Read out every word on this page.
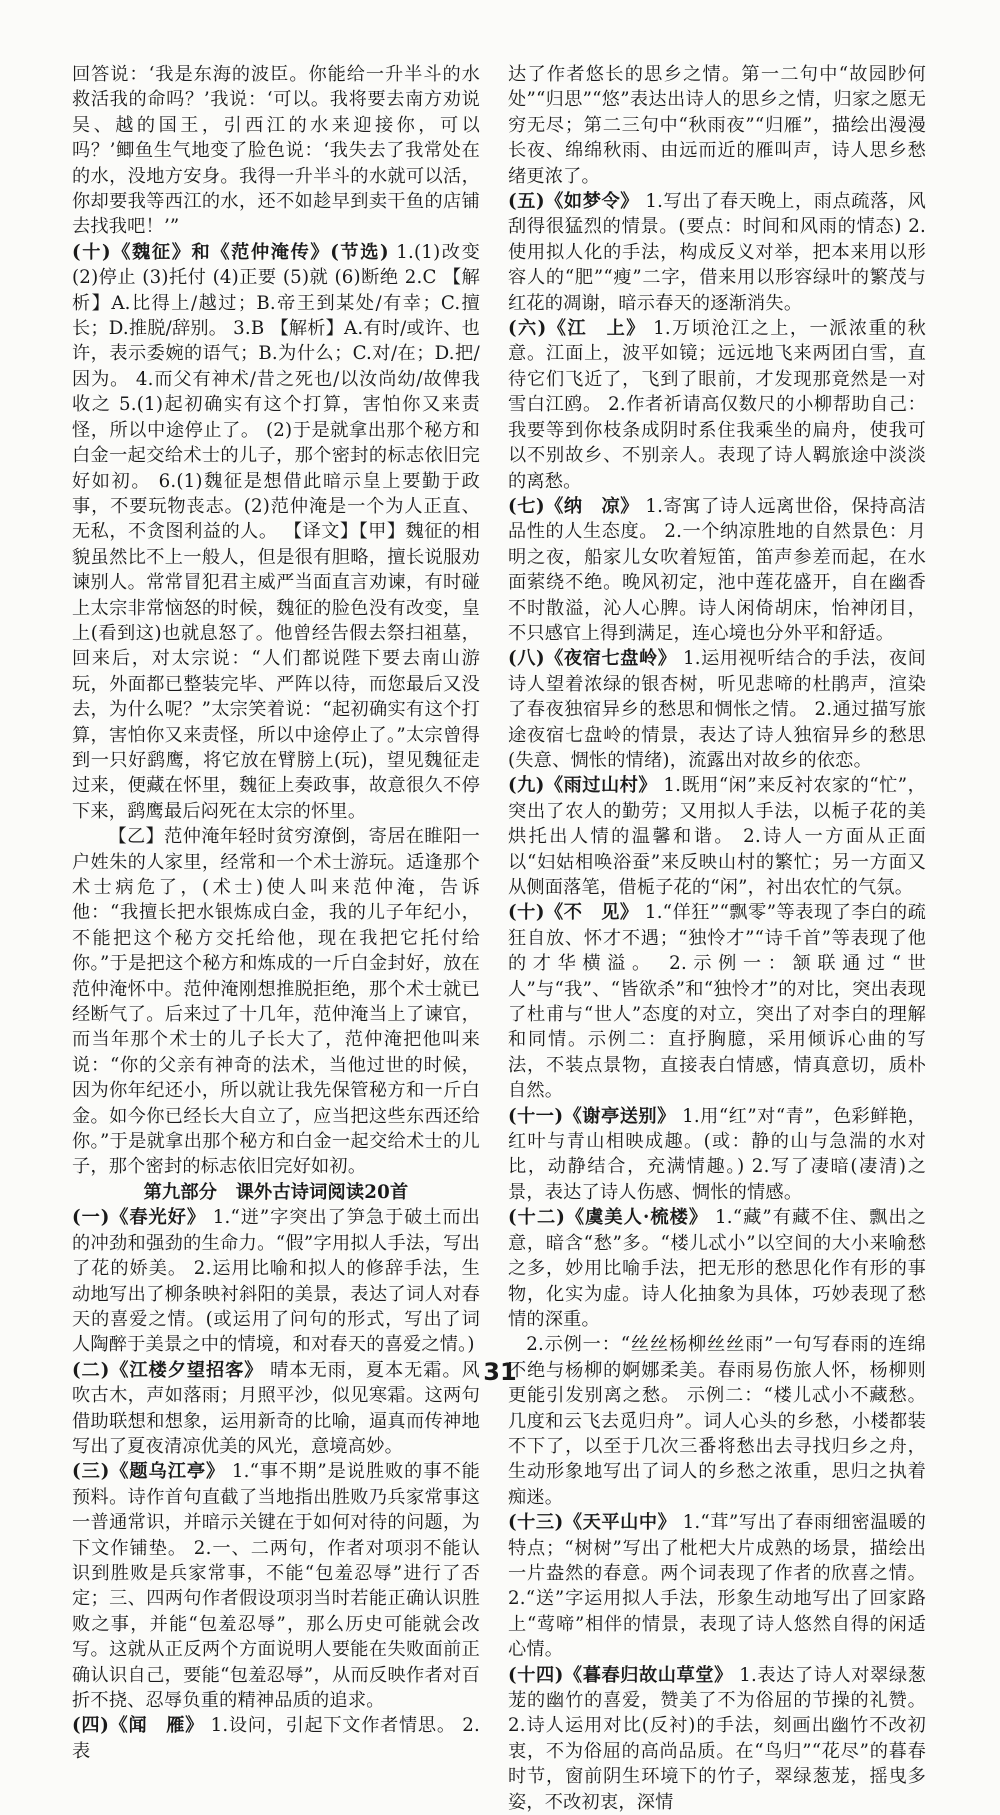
回答说：‘我是东海的波臣。你能给一升半斗的水救活我的命吗？’我说：‘可以。我将要去南方劝说吴、越的国王，引西江的水来迎接你，可以吗？’鲫鱼生气地变了脸色说：‘我失去了我常处在的水，没地方安身。我得一升半斗的水就可以活，你却要我等西江的水，还不如趁早到卖干鱼的店铺去找我吧！’”

(十)《魏征》和《范仲淹传》(节选) 1.(1)改变 (2)停止 (3)托付 (4)正要 (5)就 (6)断绝 2.C 【解析】A.比得上/越过；B.帝王到某处/有幸；C.擅长；D.推脱/辞别。 3.B 【解析】A.有时/或许、也许，表示委婉的语气；B.为什么；C.对/在；D.把/因为。 4.而父有神术/昔之死也/以汝尚幼/故俾我收之 5.(1)起初确实有这个打算，害怕你又来责怪，所以中途停止了。 (2)于是就拿出那个秘方和白金一起交给术士的儿子，那个密封的标志依旧完好如初。 6.(1)魏征是想借此暗示皇上要勤于政事，不要玩物丧志。(2)范仲淹是一个为人正直、无私，不贪图利益的人。 【译文】【甲】魏征的相貌虽然比不上一般人，但是很有胆略，擅长说服劝谏别人。常常冒犯君主威严当面直言劝谏，有时碰上太宗非常恼怒的时候，魏征的脸色没有改变，皇上(看到这)也就息怒了。他曾经告假去祭扫祖墓，回来后，对太宗说：“人们都说陛下要去南山游玩，外面都已整装完毕、严阵以待，而您最后又没去，为什么呢？”太宗笑着说：“起初确实有这个打算，害怕你又来责怪，所以中途停止了。”太宗曾得到一只好鹞鹰，将它放在臂膀上(玩)，望见魏征走过来，便藏在怀里，魏征上奏政事，故意很久不停下来，鹞鹰最后闷死在太宗的怀里。

【乙】范仲淹年轻时贫穷潦倒，寄居在睢阳一户姓朱的人家里，经常和一个术士游玩。适逢那个术士病危了，(术士)使人叫来范仲淹，告诉他：“我擅长把水银炼成白金，我的儿子年纪小，不能把这个秘方交托给他，现在我把它托付给你。”于是把这个秘方和炼成的一斤白金封好，放在范仲淹怀中。范仲淹刚想推脱拒绝，那个术士就已经断气了。后来过了十几年，范仲淹当上了谏官，而当年那个术士的儿子长大了，范仲淹把他叫来说：“你的父亲有神奇的法术，当他过世的时候，因为你年纪还小，所以就让我先保管秘方和一斤白金。如今你已经长大自立了，应当把这些东西还给你。”于是就拿出那个秘方和白金一起交给术士的儿子，那个密封的标志依旧完好如初。

第九部分　课外古诗词阅读20首

(一)《春光好》 1.“迸”字突出了笋急于破土而出的冲劲和强劲的生命力。“假”字用拟人手法，写出了花的娇美。 2.运用比喻和拟人的修辞手法，生动地写出了柳条映衬斜阳的美景，表达了词人对春天的喜爱之情。(或运用了问句的形式，写出了词人陶醉于美景之中的情境，和对春天的喜爱之情。)

(二)《江楼夕望招客》 晴本无雨，夏本无霜。风吹古木，声如落雨；月照平沙，似见寒霜。这两句借助联想和想象，运用新奇的比喻，逼真而传神地写出了夏夜清凉优美的风光，意境高妙。

(三)《题乌江亭》 1.“事不期”是说胜败的事不能预料。诗作首句直截了当地指出胜败乃兵家常事这一普通常识，并暗示关键在于如何对待的问题，为下文作铺垫。 2.一、二两句，作者对项羽不能认识到胜败是兵家常事，不能“包羞忍辱”进行了否定；三、四两句作者假设项羽当时若能正确认识胜败之事，并能“包羞忍辱”，那么历史可能就会改写。这就从正反两个方面说明人要能在失败面前正确认识自己，要能“包羞忍辱”，从而反映作者对百折不挠、忍辱负重的精神品质的追求。

(四)《闻　雁》 1.设问，引起下文作者情思。 2.表

达了作者悠长的思乡之情。第一二句中“故园眇何处”“归思”“悠”表达出诗人的思乡之情，归家之愿无穷无尽；第二三句中“秋雨夜”“归雁”，描绘出漫漫长夜、绵绵秋雨、由远而近的雁叫声，诗人思乡愁绪更浓了。

(五)《如梦令》 1.写出了春天晚上，雨点疏落，风刮得很猛烈的情景。(要点：时间和风雨的情态) 2.使用拟人化的手法，构成反义对举，把本来用以形容人的“肥”“瘦”二字，借来用以形容绿叶的繁茂与红花的凋谢，暗示春天的逐渐消失。

(六)《江　上》 1.万顷沧江之上，一派浓重的秋意。江面上，波平如镜；远远地飞来两团白雪，直待它们飞近了，飞到了眼前，才发现那竟然是一对雪白江鸥。 2.作者祈请高仅数尺的小柳帮助自己：我要等到你枝条成阴时系住我乘坐的扁舟，使我可以不别故乡、不别亲人。表现了诗人羁旅途中淡淡的离愁。

(七)《纳　凉》 1.寄寓了诗人远离世俗，保持高洁品性的人生态度。 2.一个纳凉胜地的自然景色：月明之夜，船家儿女吹着短笛，笛声参差而起，在水面萦绕不绝。晚风初定，池中莲花盛开，自在幽香不时散溢，沁人心脾。诗人闲倚胡床，怡神闭目，不只感官上得到满足，连心境也分外平和舒适。

(八)《夜宿七盘岭》 1.运用视听结合的手法，夜间诗人望着浓绿的银杏树，听见悲啼的杜鹃声，渲染了春夜独宿异乡的愁思和惆怅之情。 2.通过描写旅途夜宿七盘岭的情景，表达了诗人独宿异乡的愁思(失意、惆怅的情绪)，流露出对故乡的依恋。

(九)《雨过山村》 1.既用“闲”来反衬农家的“忙”，突出了农人的勤劳；又用拟人手法，以栀子花的美烘托出人情的温馨和谐。 2.诗人一方面从正面以“妇姑相唤浴蚕”来反映山村的繁忙；另一方面又从侧面落笔，借栀子花的“闲”，衬出农忙的气氛。

(十)《不　见》 1.“佯狂”“飘零”等表现了李白的疏狂自放、怀才不遇；“独怜才”“诗千首”等表现了他的才华横溢。 2.示例一：颔联通过“世人”与“我”、“皆欲杀”和“独怜才”的对比，突出表现了杜甫与“世人”态度的对立，突出了对李白的理解和同情。示例二：直抒胸臆，采用倾诉心曲的写法，不装点景物，直接表白情感，情真意切，质朴自然。

(十一)《谢亭送别》 1.用“红”对“青”，色彩鲜艳，红叶与青山相映成趣。(或：静的山与急湍的水对比，动静结合，充满情趣。) 2.写了凄暗(凄清)之景，表达了诗人伤感、惆怅的情感。

(十二)《虞美人·梳楼》 1.“藏”有藏不住、飘出之意，暗含“愁”多。“楼儿忒小”以空间的大小来喻愁之多，妙用比喻手法，把无形的愁思化作有形的事物，化实为虚。诗人化抽象为具体，巧妙表现了愁情的深重。

2.示例一：“丝丝杨柳丝丝雨”一句写春雨的连绵不绝与杨柳的婀娜柔美。春雨易伤旅人怀，杨柳则更能引发别离之愁。 示例二：“楼儿忒小不藏愁。几度和云飞去觅归舟”。词人心头的乡愁，小楼都装不下了，以至于几次三番将愁出去寻找归乡之舟，生动形象地写出了词人的乡愁之浓重，思归之执着痴迷。

(十三)《天平山中》 1.“茸”写出了春雨细密温暖的特点；“树树”写出了枇杷大片成熟的场景，描绘出一片盎然的春意。两个词表现了作者的欣喜之情。 2.“送”字运用拟人手法，形象生动地写出了回家路上“莺啼”相伴的情景，表现了诗人悠然自得的闲适心情。

(十四)《暮春归故山草堂》 1.表达了诗人对翠绿葱茏的幽竹的喜爱，赞美了不为俗屈的节操的礼赞。 2.诗人运用对比(反衬)的手法，刻画出幽竹不改初衷，不为俗屈的高尚品质。在“鸟归”“花尽”的暮春时节，窗前阴生环境下的竹子，翠绿葱茏，摇曳多姿，不改初衷，深情

31
